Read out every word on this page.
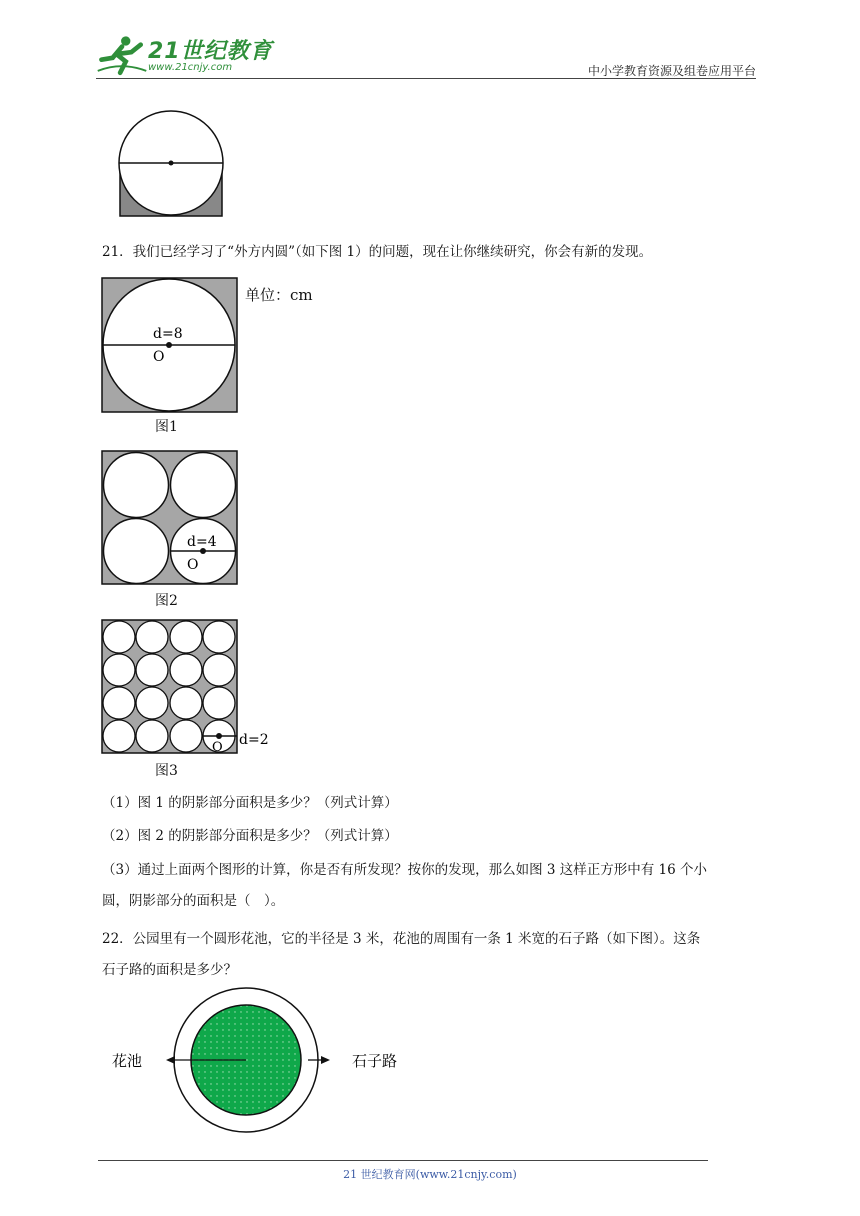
21世纪教育
www.21cnjy.com	中小学教育资源及组卷应用平台
21．我们已经学习了“外方内圆”（如下图 1）的问题，现在让你继续研究，你会有新的发现。
单位：cm
d=8
O
图1
d=4
O
图2
O d=2
图3
（1）图 1 的阴影部分面积是多少？（列式计算）
（2）图 2 的阴影部分面积是多少？（列式计算）
（3）通过上面两个图形的计算，你是否有所发现？按你的发现，那么如图 3 这样正方形中有 16 个小
圆，阴影部分的面积是（　）。
22．公园里有一个圆形花池，它的半径是 3 米，花池的周围有一条 1 米宽的石子路（如下图）。这条
石子路的面积是多少？
花池	石子路
21 世纪教育网(www.21cnjy.com)
